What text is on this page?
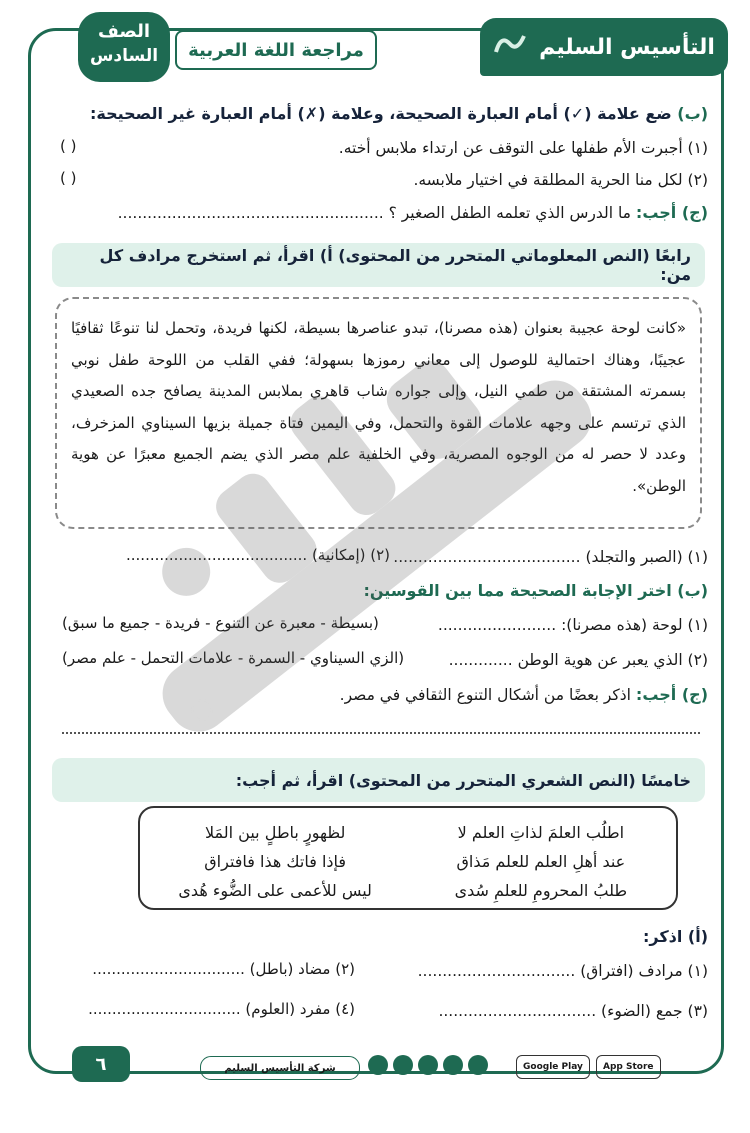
التأسيس السليم
مراجعة اللغة العربية
الصف
السادس
(ب) ضع علامة (✓) أمام العبارة الصحيحة، وعلامة (✗) أمام العبارة غير الصحيحة:
(١) أجبرت الأم طفلها على التوقف عن ارتداء ملابس أخته.
( )
(٢) لكل منا الحرية المطلقة في اختيار ملابسه.
( )
(ج) أجب: ما الدرس الذي تعلمه الطفل الصغير ؟ ......................................................
رابعًا (النص المعلوماتي المتحرر من المحتوى) أ) اقرأ، ثم استخرج مرادف كل من:
«كانت لوحة عجيبة بعنوان (هذه مصرنا)، تبدو عناصرها بسيطة، لكنها فريدة، وتحمل لنا تنوعًا ثقافيًا عجيبًا، وهناك احتمالية للوصول إلى معاني رموزها بسهولة؛ ففي القلب من اللوحة طفل نوبي بسمرته المشتقة من طمي النيل، وإلى جواره شاب قاهري بملابس المدينة يصافح جده الصعيدي الذي ترتسم على وجهه علامات القوة والتحمل، وفي اليمين فتاة جميلة بزيها السيناوي المزخرف، وعدد لا حصر له من الوجوه المصرية، وفي الخلفية علم مصر الذي يضم الجميع معبرًا عن هوية الوطن».
(١) (الصبر والتجلد) ......................................
(٢) (إمكانية) ......................................
(ب) اختر الإجابة الصحيحة مما بين القوسين:
(١) لوحة (هذه مصرنا): ........................
(بسيطة - معبرة عن التنوع - فريدة - جميع ما سبق)
(٢) الذي يعبر عن هوية الوطن .............
(الزي السيناوي - السمرة - علامات التحمل - علم مصر)
(ج) أجب: اذكر بعضًا من أشكال التنوع الثقافي في مصر.
خامسًا (النص الشعري المتحرر من المحتوى) اقرأ، ثم أجب:
اطلُب العلمَ لذاتِ العلم لا
لظهورٍ باطلٍ بين المَلا
عند أهلِ العلم للعلم مَذاق
فإذا فاتك هذا فافتراق
طلبُ المحرومِ للعلمِ سُدى
ليس للأعمى على الضُّوء هُدى
(أ) اذكر:
(١) مرادف (افتراق) ................................
(٢) مضاد (باطل) ................................
(٣) جمع (الضوء) ................................
(٤) مفرد (العلوم) ................................
٦	شركة التأسيس السليم	Google Play	App Store
